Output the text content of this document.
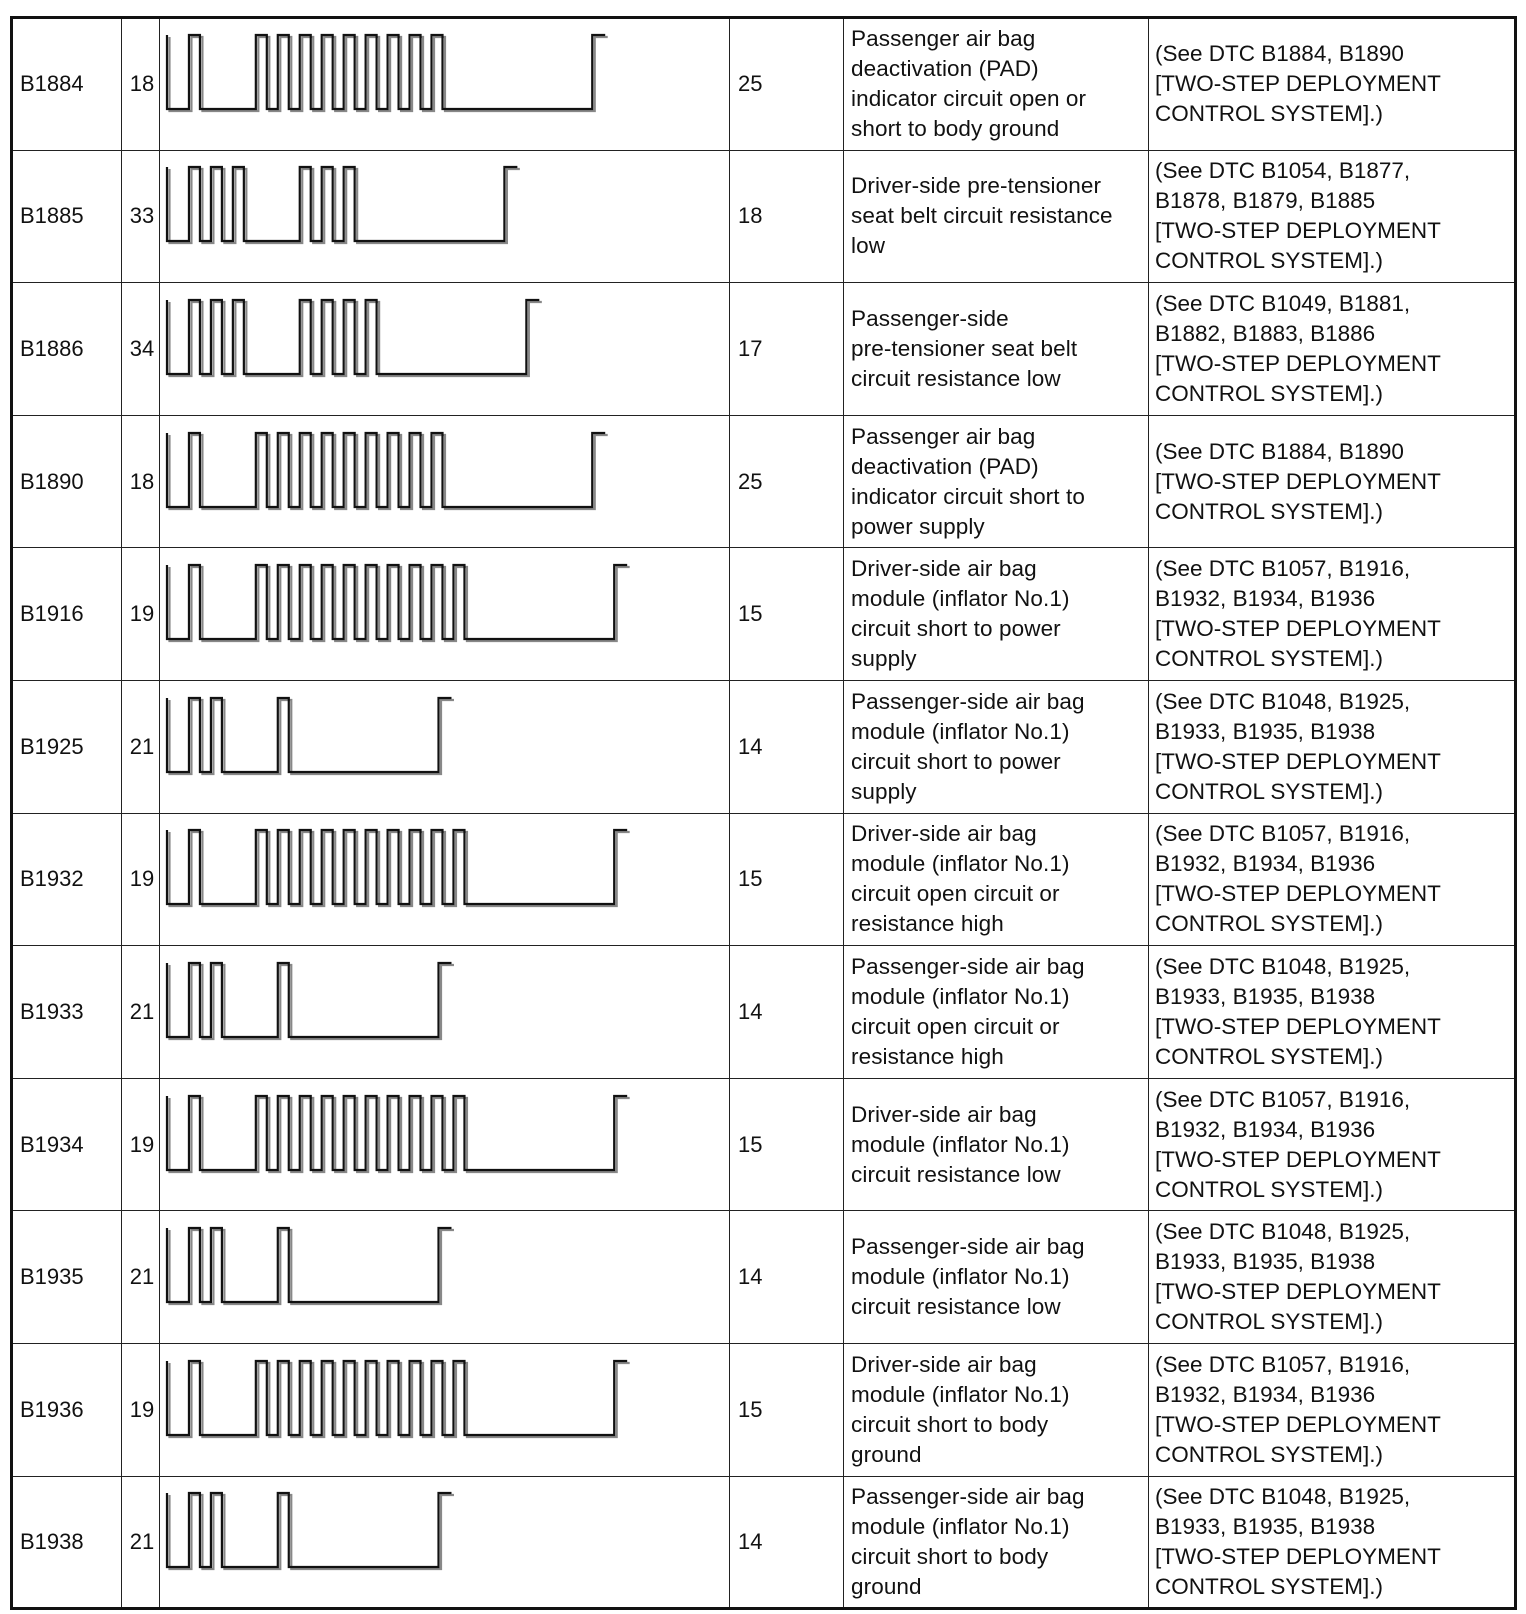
B1884	18		25	Passenger air bag
deactivation (PAD)
indicator circuit open or
short to body ground	(See DTC B1884, B1890
[TWO-STEP DEPLOYMENT
CONTROL SYSTEM].)
B1885	33		18	Driver-side pre-tensioner
seat belt circuit resistance
low	(See DTC B1054, B1877,
B1878, B1879, B1885
[TWO-STEP DEPLOYMENT
CONTROL SYSTEM].)
B1886	34		17	Passenger-side
pre-tensioner seat belt
circuit resistance low	(See DTC B1049, B1881,
B1882, B1883, B1886
[TWO-STEP DEPLOYMENT
CONTROL SYSTEM].)
B1890	18		25	Passenger air bag
deactivation (PAD)
indicator circuit short to
power supply	(See DTC B1884, B1890
[TWO-STEP DEPLOYMENT
CONTROL SYSTEM].)
B1916	19		15	Driver-side air bag
module (inflator No.1)
circuit short to power
supply	(See DTC B1057, B1916,
B1932, B1934, B1936
[TWO-STEP DEPLOYMENT
CONTROL SYSTEM].)
B1925	21		14	Passenger-side air bag
module (inflator No.1)
circuit short to power
supply	(See DTC B1048, B1925,
B1933, B1935, B1938
[TWO-STEP DEPLOYMENT
CONTROL SYSTEM].)
B1932	19		15	Driver-side air bag
module (inflator No.1)
circuit open circuit or
resistance high	(See DTC B1057, B1916,
B1932, B1934, B1936
[TWO-STEP DEPLOYMENT
CONTROL SYSTEM].)
B1933	21		14	Passenger-side air bag
module (inflator No.1)
circuit open circuit or
resistance high	(See DTC B1048, B1925,
B1933, B1935, B1938
[TWO-STEP DEPLOYMENT
CONTROL SYSTEM].)
B1934	19		15	Driver-side air bag
module (inflator No.1)
circuit resistance low	(See DTC B1057, B1916,
B1932, B1934, B1936
[TWO-STEP DEPLOYMENT
CONTROL SYSTEM].)
B1935	21		14	Passenger-side air bag
module (inflator No.1)
circuit resistance low	(See DTC B1048, B1925,
B1933, B1935, B1938
[TWO-STEP DEPLOYMENT
CONTROL SYSTEM].)
B1936	19		15	Driver-side air bag
module (inflator No.1)
circuit short to body
ground	(See DTC B1057, B1916,
B1932, B1934, B1936
[TWO-STEP DEPLOYMENT
CONTROL SYSTEM].)
B1938	21		14	Passenger-side air bag
module (inflator No.1)
circuit short to body
ground	(See DTC B1048, B1925,
B1933, B1935, B1938
[TWO-STEP DEPLOYMENT
CONTROL SYSTEM].)
